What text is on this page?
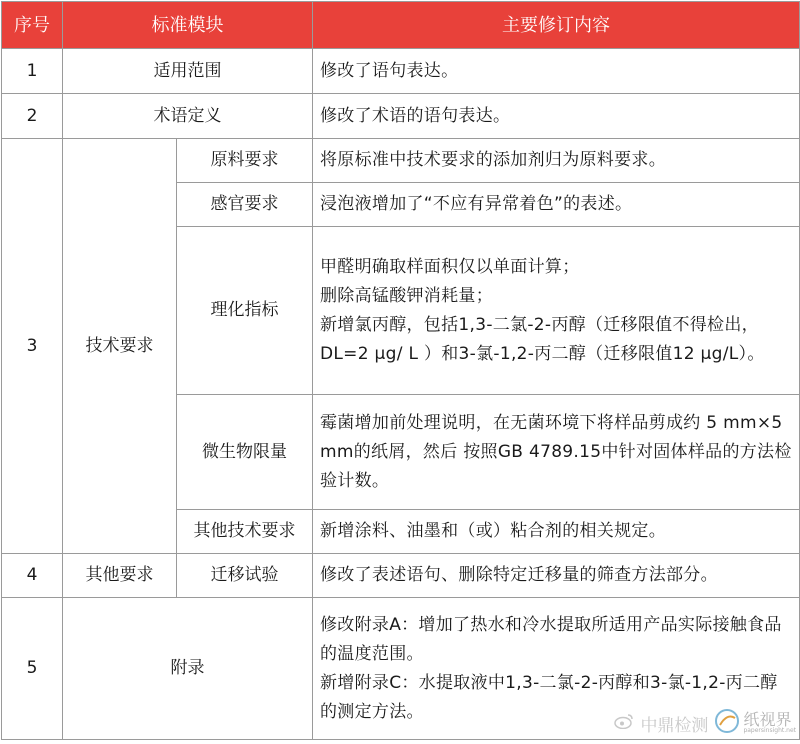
序号	标准模块		主要修订内容
1	适用范围		修改了语句表达。
2	术语定义		修改了术语的语句表达。
3	技术要求	原料要求	将原标准中技术要求的添加剂归为原料要求。
		感官要求	浸泡液增加了“不应有异常着色”的表述。
		理化指标	甲醛明确取样面积仅以单面计算；
删除高锰酸钾消耗量；
新增氯丙醇，包括1,3-二氯-2-丙醇（迁移限值不得检出，DL=2 μg/ L ）和3-氯-1,2-丙二醇（迁移限值12 μg/L）。

		微生物限量	霉菌增加前处理说明，在无菌环境下将样品剪成约 5 mm×5 mm的纸屑，然后 按照GB 4789.15中针对固体样品的方法检验计数。
		其他技术要求	新增涂料、油墨和（或）粘合剂的相关规定。
4	其他要求	迁移试验	修改了表述语句、删除特定迁移量的筛查方法部分。
5	附录		修改附录A：增加了热水和冷水提取所适用产品实际接触食品的温度范围。
新增附录C：水提取液中1,3-二氯-2-丙醇和3-氯-1,2-丙二醇的测定方法。
中鼎检测 纸视界
papersinsight.net
